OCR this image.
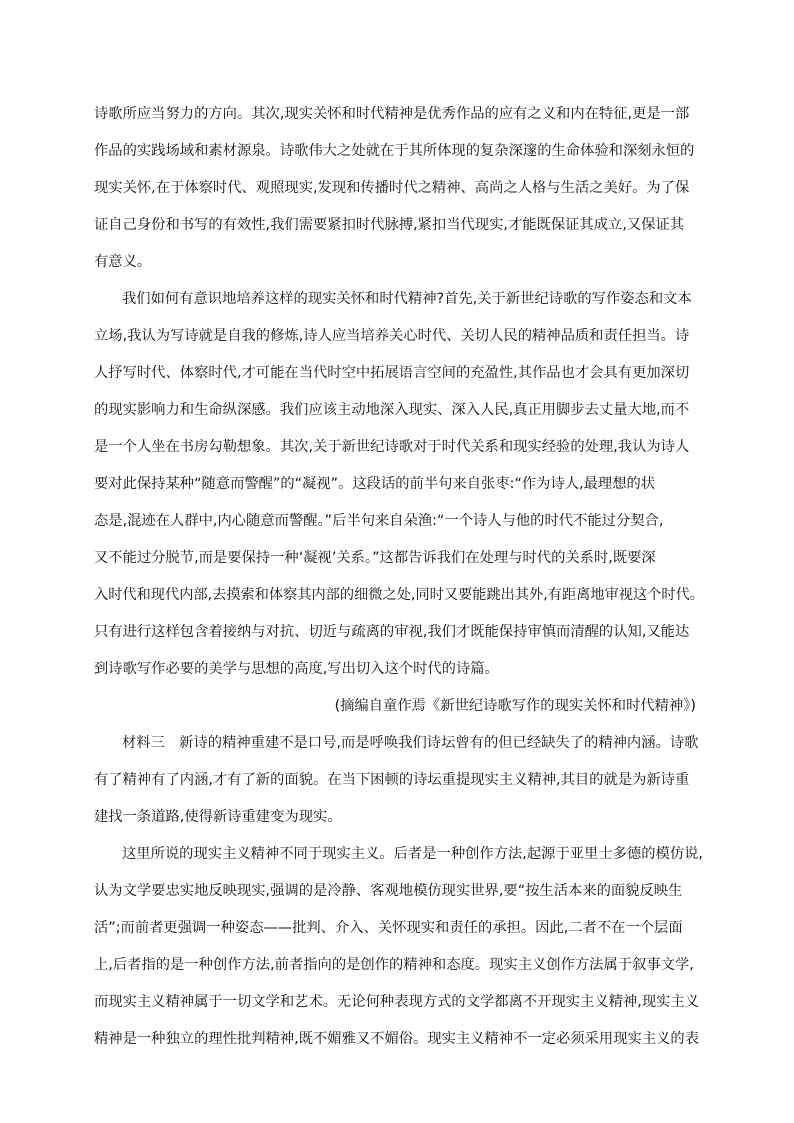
诗歌所应当努力的方向。其次,现实关怀和时代精神是优秀作品的应有之义和内在特征,更是一部
作品的实践场域和素材源泉。诗歌伟大之处就在于其所体现的复杂深邃的生命体验和深刻永恒的
现实关怀,在于体察时代、观照现实,发现和传播时代之精神、高尚之人格与生活之美好。为了保
证自己身份和书写的有效性,我们需要紧扣时代脉搏,紧扣当代现实,才能既保证其成立,又保证其
有意义。
我们如何有意识地培养这样的现实关怀和时代精神?首先,关于新世纪诗歌的写作姿态和文本
立场,我认为写诗就是自我的修炼,诗人应当培养关心时代、关切人民的精神品质和责任担当。诗
人抒写时代、体察时代,才可能在当代时空中拓展语言空间的充盈性,其作品也才会具有更加深切
的现实影响力和生命纵深感。我们应该主动地深入现实、深入人民,真正用脚步去丈量大地,而不
是一个人坐在书房勾勒想象。其次,关于新世纪诗歌对于时代关系和现实经验的处理,我认为诗人
要对此保持某种“随意而警醒”的“凝视”。这段话的前半句来自张枣:“作为诗人,最理想的状
态是,混迹在人群中,内心随意而警醒。”后半句来自朵渔:“一个诗人与他的时代不能过分契合,
又不能过分脱节,而是要保持一种‘凝视’关系。”这都告诉我们在处理与时代的关系时,既要深
入时代和现代内部,去摸索和体察其内部的细微之处,同时又要能跳出其外,有距离地审视这个时代。
只有进行这样包含着接纳与对抗、切近与疏离的审视,我们才既能保持审慎而清醒的认知,又能达
到诗歌写作必要的美学与思想的高度,写出切入这个时代的诗篇。
(摘编自童作焉《新世纪诗歌写作的现实关怀和时代精神》)
材料三　新诗的精神重建不是口号,而是呼唤我们诗坛曾有的但已经缺失了的精神内涵。诗歌
有了精神有了内涵,才有了新的面貌。在当下困顿的诗坛重提现实主义精神,其目的就是为新诗重
建找一条道路,使得新诗重建变为现实。
这里所说的现实主义精神不同于现实主义。后者是一种创作方法,起源于亚里士多德的模仿说,
认为文学要忠实地反映现实,强调的是冷静、客观地模仿现实世界,要“按生活本来的面貌反映生
活”;而前者更强调一种姿态——批判、介入、关怀现实和责任的承担。因此,二者不在一个层面
上,后者指的是一种创作方法,前者指向的是创作的精神和态度。现实主义创作方法属于叙事文学,
而现实主义精神属于一切文学和艺术。无论何种表现方式的文学都离不开现实主义精神,现实主义
精神是一种独立的理性批判精神,既不媚雅又不媚俗。现实主义精神不一定必须采用现实主义的表
